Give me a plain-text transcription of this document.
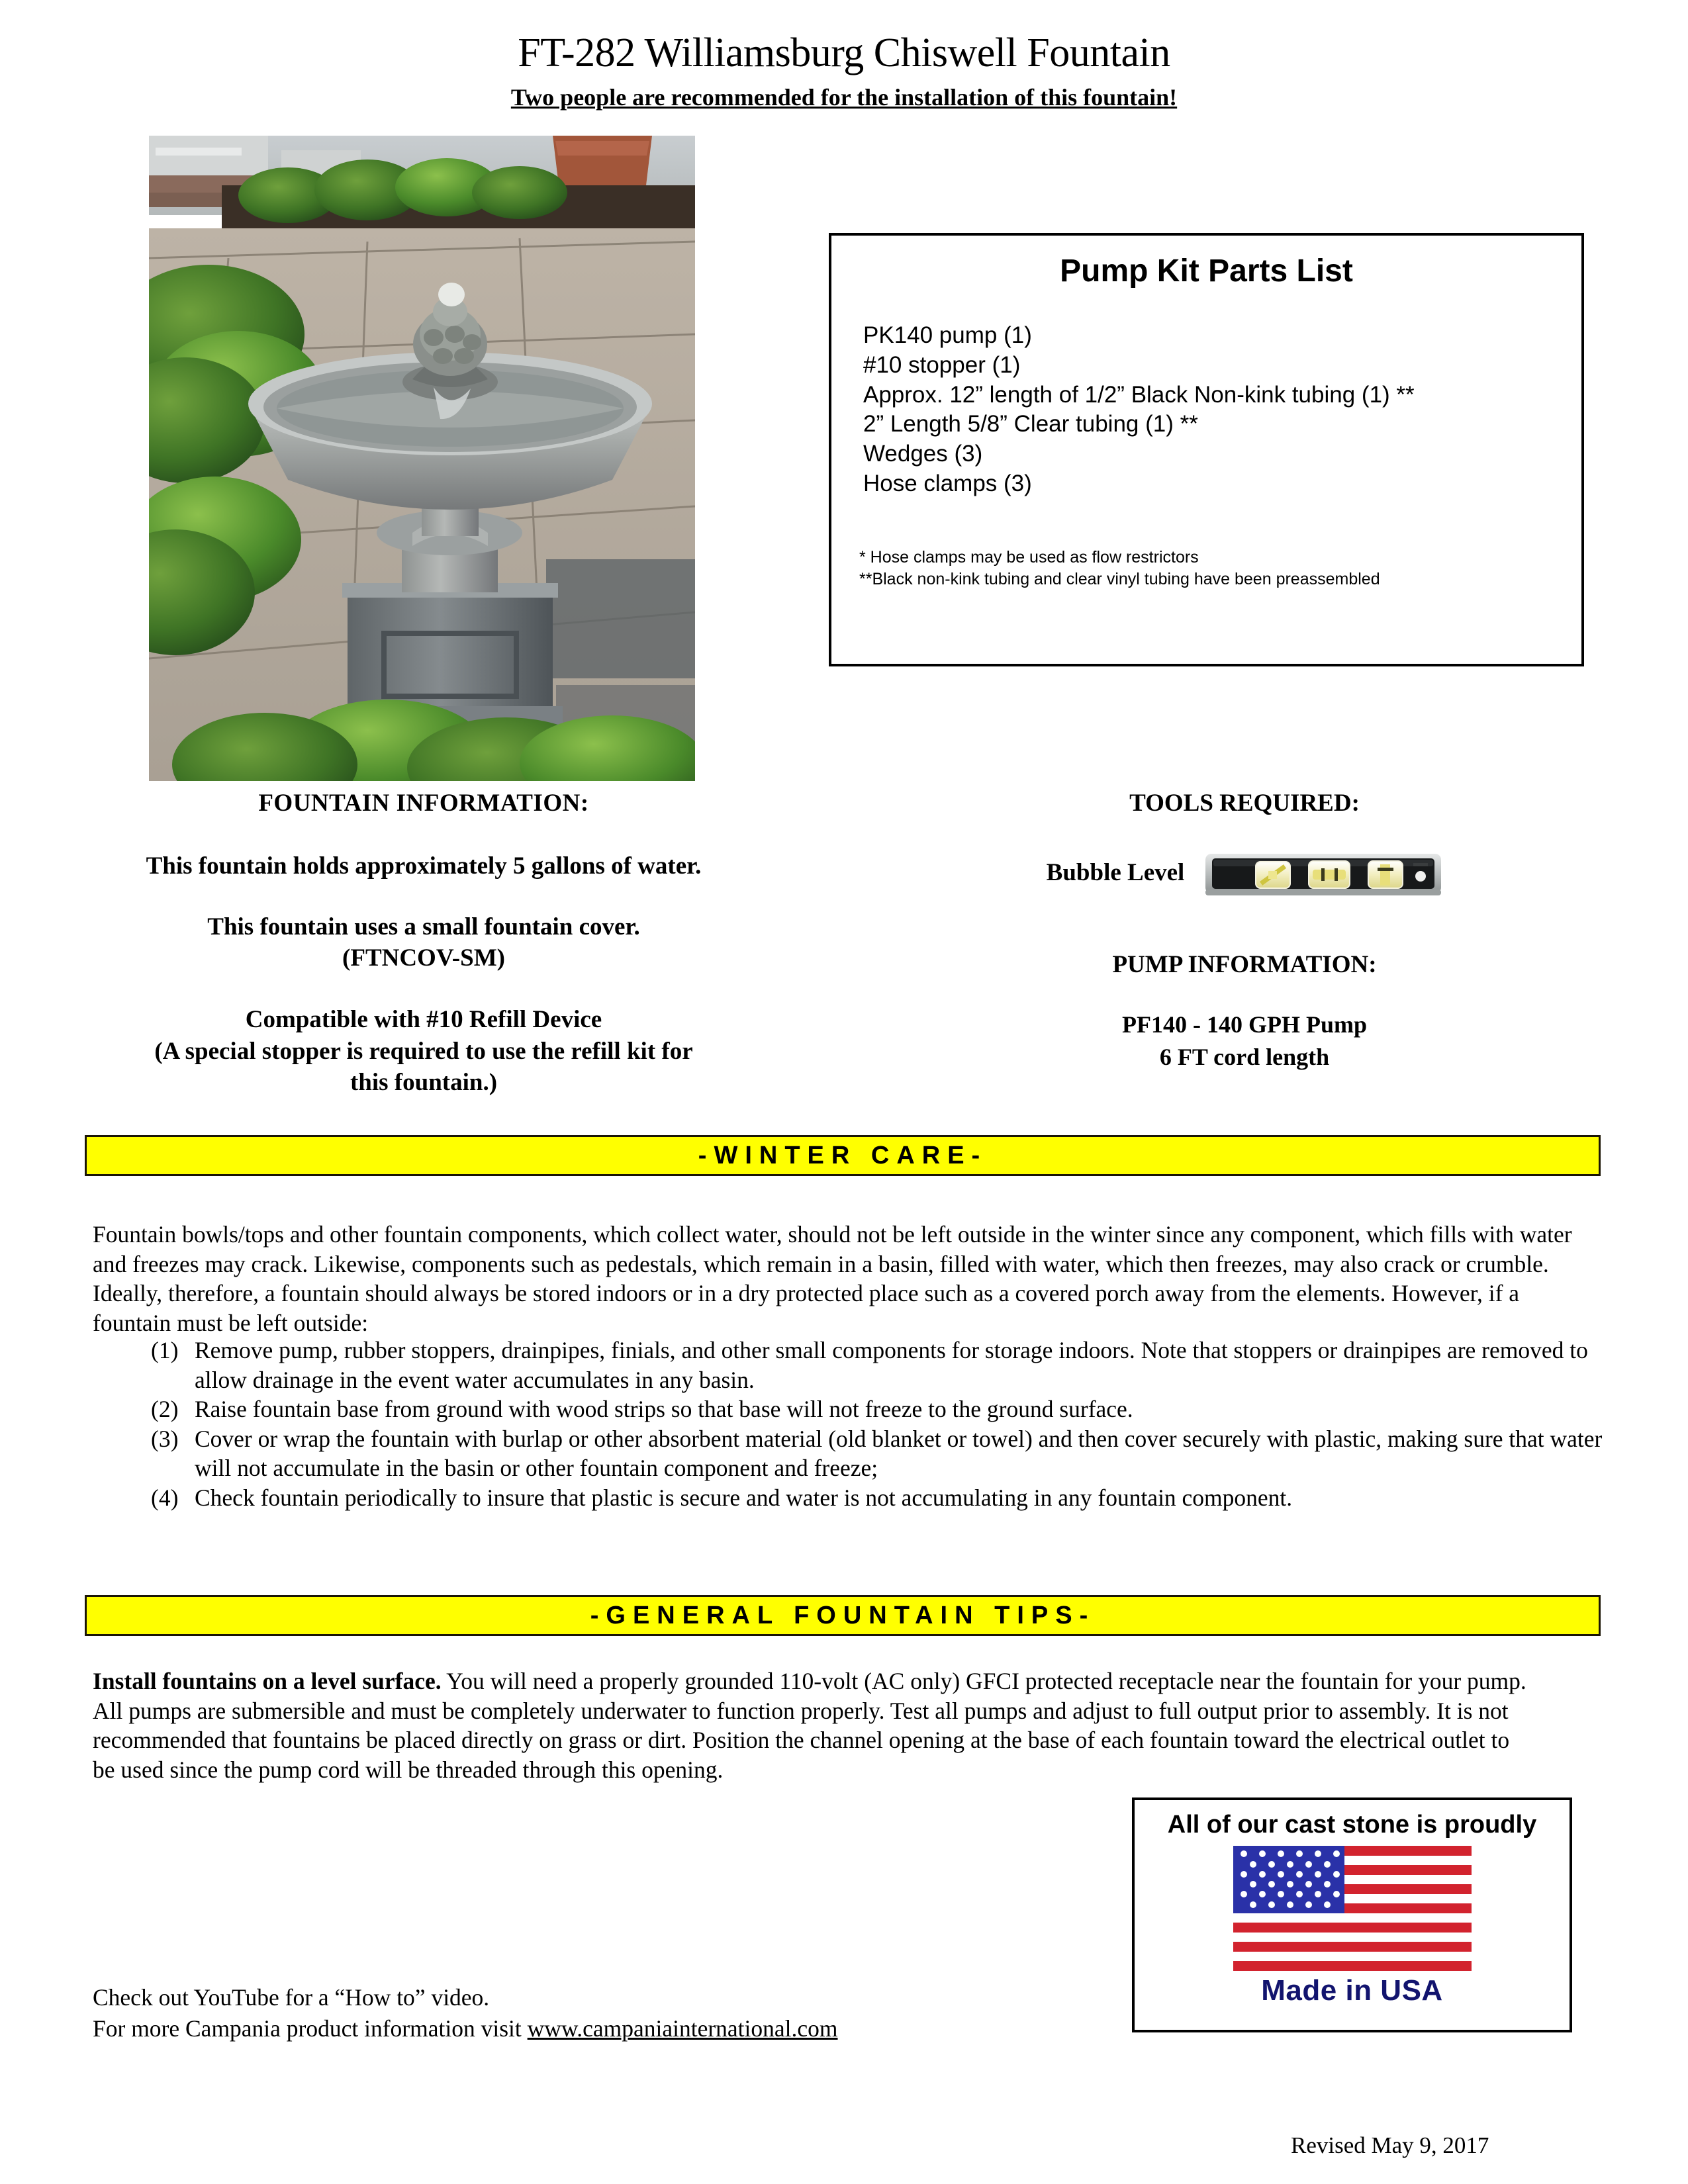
FT-282 Williamsburg Chiswell Fountain
Two people are recommended for the installation of this fountain!
Pump Kit Parts List
PK140 pump (1)
#10 stopper (1)
Approx. 12” length of 1/2” Black Non-kink tubing (1) **
2” Length 5/8” Clear tubing (1) **
Wedges (3)
Hose clamps (3)
* Hose clamps may be used as flow restrictors
**Black non-kink tubing and clear vinyl tubing have been preassembled
FOUNTAIN INFORMATION:
This fountain holds approximately 5 gallons of water.
This fountain uses a small fountain cover.
(FTNCOV-SM)
Compatible with #10 Refill Device
(A special stopper is required to use the refill kit for
this fountain.)
TOOLS REQUIRED:
Bubble Level
PUMP INFORMATION:
PF140 - 140 GPH Pump
6 FT cord length
-WINTER CARE-
Fountain bowls/tops and other fountain components, which collect water, should not be left outside in the winter since any component, which fills with water and freezes may crack. Likewise, components such as pedestals, which remain in a basin, filled with water, which then freezes, may also crack or crumble. Ideally, therefore, a fountain should always be stored indoors or in a dry protected place such as a covered porch away from the elements. However, if a fountain must be left outside:
(1) Remove pump, rubber stoppers, drainpipes, finials, and other small components for storage indoors. Note that stoppers or drainpipes are removed to allow drainage in the event water accumulates in any basin.
(2) Raise fountain base from ground with wood strips so that base will not freeze to the ground surface.
(3) Cover or wrap the fountain with burlap or other absorbent material (old blanket or towel) and then cover securely with plastic, making sure that water will not accumulate in the basin or other fountain component and freeze;
(4) Check fountain periodically to insure that plastic is secure and water is not accumulating in any fountain component.
-GENERAL FOUNTAIN TIPS-
Install fountains on a level surface. You will need a properly grounded 110-volt (AC only) GFCI protected receptacle near the fountain for your pump. All pumps are submersible and must be completely underwater to function properly. Test all pumps and adjust to full output prior to assembly. It is not recommended that fountains be placed directly on grass or dirt. Position the channel opening at the base of each fountain toward the electrical outlet to be used since the pump cord will be threaded through this opening.
All of our cast stone is proudly
Made in USA
Check out YouTube for a “How to” video.
For more Campania product information visit www.campaniainternational.com
Revised May 9, 2017
